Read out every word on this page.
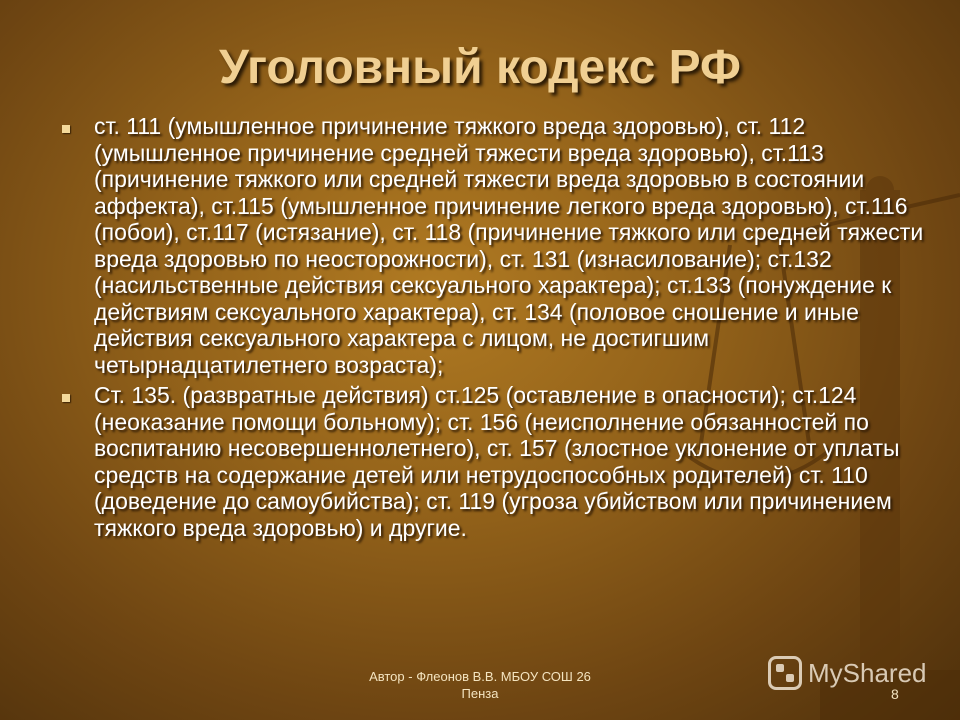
Уголовный кодекс РФ
ст. 111 (умышленное причинение тяжкого вреда здоровью), ст. 112 (умышленное причинение средней тяжести вреда здоровью), ст.113 (причинение тяжкого или средней тяжести вреда здоровью в состоянии аффекта), ст.115 (умышленное причинение легкого вреда здоровью), ст.116 (побои), ст.117 (истязание), ст. 118 (причинение тяжкого или средней тяжести вреда здоровью по неосторожности), ст. 131 (изнасилование); ст.132 (насильственные действия сексуального характера); ст.133 (понуждение к действиям сексуального характера), ст. 134 (половое сношение и иные действия сексуального характера с лицом, не достигшим четырнадцатилетнего возраста);
Ст. 135. (развратные действия) ст.125 (оставление в опасности); ст.124 (неоказание помощи больному); ст. 156 (неисполнение обязанностей по воспитанию несовершеннолетнего), ст. 157 (злостное уклонение от уплаты средств на содержание детей или нетрудоспособных родителей) ст. 110 (доведение до самоубийства); ст. 119 (угроза убийством или причинением тяжкого вреда здоровью) и другие.
Автор - Флеонов В.В. МБОУ СОШ 26
Пенза
MyShared
8
